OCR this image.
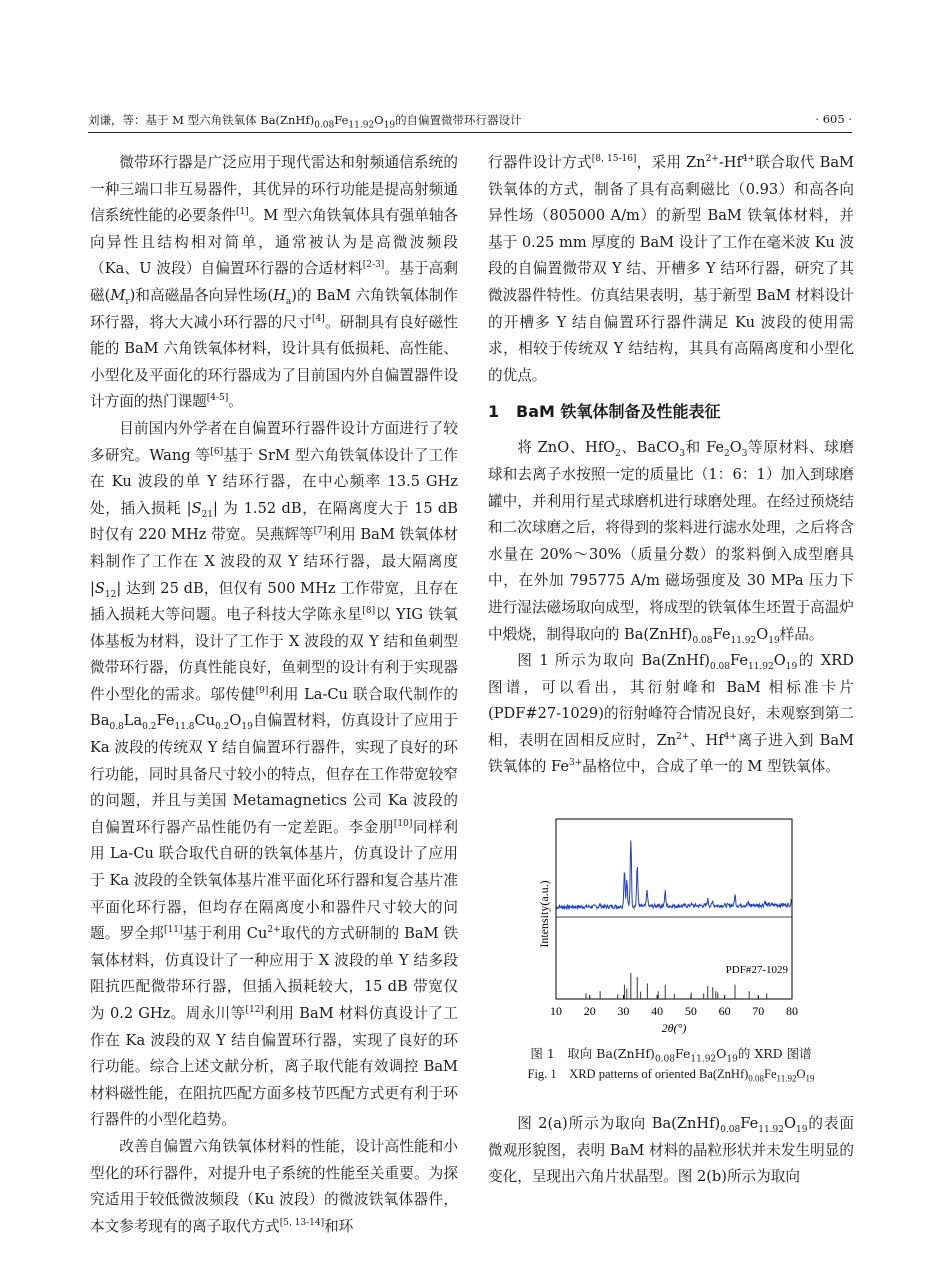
刘谦，等：基于 M 型六角铁氧体 $Ba(ZnHf)_{0.08}Fe_{11.92}O_{19}$的自偏置微带环行器设计	· 605 ·

微带环行器是广泛应用于现代雷达和射频通信系统的一种三端口非互易器件，其优异的环行功能是提高射频通信系统性能的必要条件[1]。M 型六角铁氧体具有强单轴各向异性且结构相对简单，通常被认为是高微波频段（Ka、U 波段）自偏置环行器的合适材料[2-3]。基于高剩磁$(M_r)$和高磁晶各向异性场$(H_a)$的 BaM 六角铁氧体制作环行器，将大大减小环行器的尺寸[4]。研制具有良好磁性能的 BaM 六角铁氧体材料，设计具有低损耗、高性能、小型化及平面化的环行器成为了目前国内外自偏置器件设计方面的热门课题[4-5]。

目前国内外学者在自偏置环行器件设计方面进行了较多研究。Wang 等[6]基于 SrM 型六角铁氧体设计了工作在 Ku 波段的单 Y 结环行器，在中心频率 13.5 GHz 处，插入损耗 $|S_{21}|$ 为 1.52 dB，在隔离度大于 15 dB 时仅有 220 MHz 带宽。吴燕辉等[7]利用 BaM 铁氧体材料制作了工作在 X 波段的双 Y 结环行器，最大隔离度 $|S_{12}|$ 达到 25 dB，但仅有 500 MHz 工作带宽，且存在插入损耗大等问题。电子科技大学陈永星[8]以 YIG 铁氧体基板为材料，设计了工作于 X 波段的双 Y 结和鱼刺型微带环行器，仿真性能良好，鱼刺型的设计有利于实现器件小型化的需求。邬传健[9]利用 La-Cu 联合取代制作的 $Ba_{0.8}La_{0.2}Fe_{11.8}Cu_{0.2}O_{19}$自偏置材料，仿真设计了应用于 Ka 波段的传统双 Y 结自偏置环行器件，实现了良好的环行功能，同时具备尺寸较小的特点，但存在工作带宽较窄的问题，并且与美国 Metamagnetics 公司 Ka 波段的自偏置环行器产品性能仍有一定差距。李金朋[10]同样利用 La-Cu 联合取代自研的铁氧体基片，仿真设计了应用于 Ka 波段的全铁氧体基片准平面化环行器和复合基片准平面化环行器，但均存在隔离度小和器件尺寸较大的问题。罗全邦[11]基于利用 $Cu^{2+}$取代的方式研制的 BaM 铁氧体材料，仿真设计了一种应用于 X 波段的单 Y 结多段阻抗匹配微带环行器，但插入损耗较大，15 dB 带宽仅为 0.2 GHz。周永川等[12]利用 BaM 材料仿真设计了工作在 Ka 波段的双 Y 结自偏置环行器，实现了良好的环行功能。综合上述文献分析，离子取代能有效调控 BaM 材料磁性能，在阻抗匹配方面多枝节匹配方式更有利于环行器件的小型化趋势。

改善自偏置六角铁氧体材料的性能，设计高性能和小型化的环行器件，对提升电子系统的性能至关重要。为探究适用于较低微波频段（Ku 波段）的微波铁氧体器件，本文参考现有的离子取代方式[5, 13-14]和环

行器件设计方式[8, 15-16]，采用 $Zn^{2+}-Hf^{4+}$联合取代 BaM 铁氧体的方式，制备了具有高剩磁比（0.93）和高各向异性场（805000 A/m）的新型 BaM 铁氧体材料，并基于 0.25 mm 厚度的 BaM 设计了工作在毫米波 Ku 波段的自偏置微带双 Y 结、开槽多 Y 结环行器，研究了其微波器件特性。仿真结果表明，基于新型 BaM 材料设计的开槽多 Y 结自偏置环行器件满足 Ku 波段的使用需求，相较于传统双 Y 结结构，其具有高隔离度和小型化的优点。

1 BaM 铁氧体制备及性能表征

将 ZnO、HfO$_2$、BaCO$_3$和 $Fe_2O_3$等原材料、球磨球和去离子水按照一定的质量比（1：6：1）加入到球磨罐中，并利用行星式球磨机进行球磨处理。在经过预烧结和二次球磨之后，将得到的浆料进行滤水处理，之后将含水量在 20%～30%（质量分数）的浆料倒入成型磨具中，在外加 795775 A/m 磁场强度及 30 MPa 压力下进行湿法磁场取向成型，将成型的铁氧体生坯置于高温炉中煅烧，制得取向的 $Ba(ZnHf)_{0.08}Fe_{11.92}O_{19}$样品。

图 1 所示为取向 $Ba(ZnHf)_{0.08}Fe_{11.92}O_{19}$的 XRD 图谱，可以看出，其衍射峰和 BaM 相标准卡片(PDF#27-1029)的衍射峰符合情况良好，未观察到第二相，表明在固相反应时，$Zn^{2+}$、$Hf^{4+}$离子进入到 BaM 铁氧体的 $Fe^{3+}$晶格位中，合成了单一的 M 型铁氧体。

10 20 30 40 50 60 70 80
Intensity(a.u.)
2θ(°)
PDF#27-1029
图 1　取向 $Ba(ZnHf)_{0.08}Fe_{11.92}O_{19}$的 XRD 图谱
Fig. 1　XRD patterns of oriented $Ba(ZnHf)_{0.08}Fe_{11.92}O_{19}$

图 2(a)所示为取向 $Ba(ZnHf)_{0.08}Fe_{11.92}O_{19}$的表面微观形貌图，表明 BaM 材料的晶粒形状并未发生明显的变化，呈现出六角片状晶型。图 2(b)所示为取向
